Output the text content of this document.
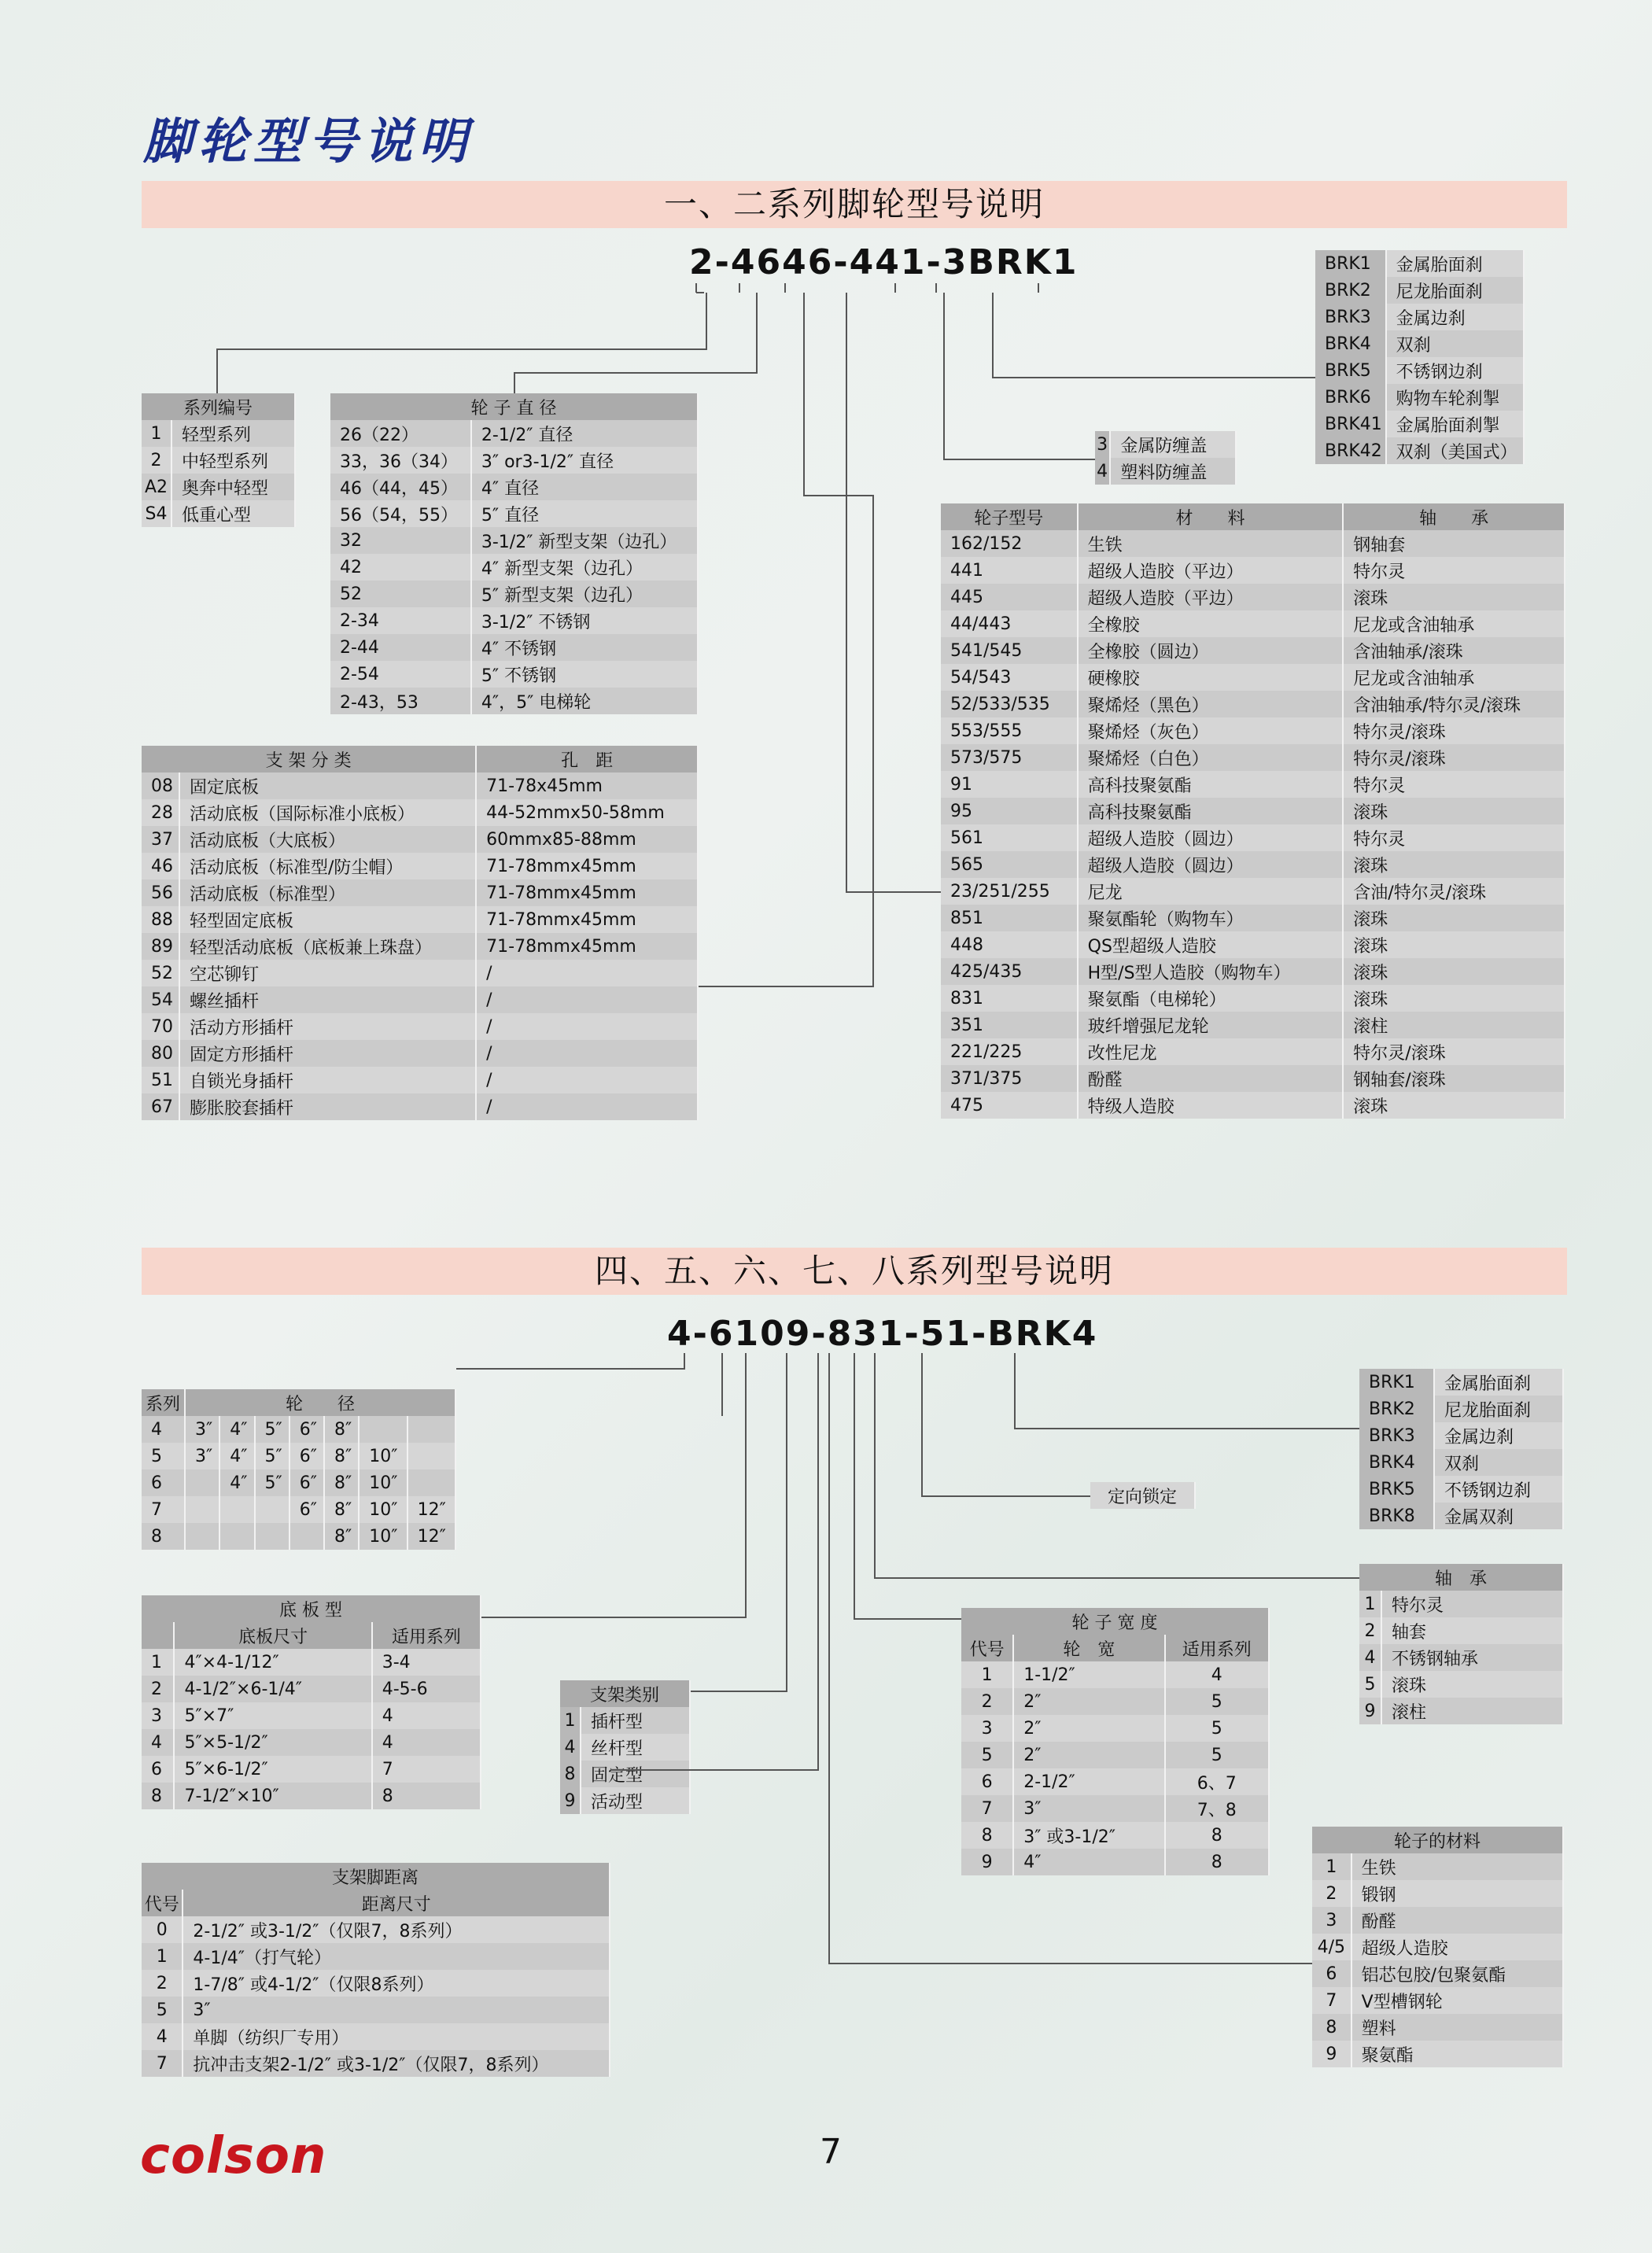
脚轮型号说明
一、二系列脚轮型号说明
2-4646-441-3BRK1
系列编号	
1	轻型系列
2	中轻型系列
A2	奥奔中轻型
S4	低重心型
轮 子 直 径	
26（22）	2-1/2″ 直径
33，36（34）	3″ or3-1/2″ 直径
46（44，45）	4″ 直径
56（54，55）	5″ 直径
32	3-1/2″ 新型支架（边孔）
42	4″ 新型支架（边孔）
52	5″ 新型支架（边孔）
2-34	3-1/2″ 不锈钢
2-44	4″ 不锈钢
2-54	5″ 不锈钢
2-43，53	4″，5″ 电梯轮
支 架 分 类		孔　距
08	固定底板	71-78x45mm
28	活动底板（国际标准小底板）	44-52mmx50-58mm
37	活动底板（大底板）	60mmx85-88mm
46	活动底板（标准型/防尘帽）	71-78mmx45mm
56	活动底板（标准型）	71-78mmx45mm
88	轻型固定底板	71-78mmx45mm
89	轻型活动底板（底板兼上珠盘）	71-78mmx45mm
52	空芯铆钉	/
54	螺丝插杆	/
70	活动方形插杆	/
80	固定方形插杆	/
51	自锁光身插杆	/
67	膨胀胶套插杆	/
3	金属防缠盖
4	塑料防缠盖
BRK1	金属胎面刹
BRK2	尼龙胎面刹
BRK3	金属边刹
BRK4	双刹
BRK5	不锈钢边刹
BRK6	购物车轮刹掣
BRK41	金属胎面刹掣
BRK42	双刹（美国式）
轮子型号	材　　料	轴　　承
162/152	生铁	钢轴套
441	超级人造胶（平边）	特尔灵
445	超级人造胶（平边）	滚珠
44/443	全橡胶	尼龙或含油轴承
541/545	全橡胶（圆边）	含油轴承/滚珠
54/543	硬橡胶	尼龙或含油轴承
52/533/535	聚烯烃（黑色）	含油轴承/特尔灵/滚珠
553/555	聚烯烃（灰色）	特尔灵/滚珠
573/575	聚烯烃（白色）	特尔灵/滚珠
91	高科技聚氨酯	特尔灵
95	高科技聚氨酯	滚珠
561	超级人造胶（圆边）	特尔灵
565	超级人造胶（圆边）	滚珠
23/251/255	尼龙	含油/特尔灵/滚珠
851	聚氨酯轮（购物车）	滚珠
448	QS型超级人造胶	滚珠
425/435	H型/S型人造胶（购物车）	滚珠
831	聚氨酯（电梯轮）	滚珠
351	玻纤增强尼龙轮	滚柱
221/225	改性尼龙	特尔灵/滚珠
371/375	酚醛	钢轴套/滚珠
475	特级人造胶	滚珠
四、五、六、七、八系列型号说明
4-6109-831-51-BRK4
系列	轮　　径						
4	3″	4″	5″	6″	8″		
5	3″	4″	5″	6″	8″	10″	
6		4″	5″	6″	8″	10″	
7				6″	8″	10″	12″
8					8″	10″	12″
底 板 型		
	底板尺寸	适用系列
1	4″×4-1/12″	3-4
2	4-1/2″×6-1/4″	4-5-6
3	5″×7″	4
4	5″×5-1/2″	4
6	5″×6-1/2″	7
8	7-1/2″×10″	8
支架类别	
1	插杆型
4	丝杆型
8	固定型
9	活动型
支架脚距离	
代号	距离尺寸
0	2-1/2″ 或3-1/2″（仅限7，8系列）
1	4-1/4″（打气轮）
2	1-7/8″ 或4-1/2″（仅限8系列）
5	3″
4	单脚（纺织厂专用）
7	抗冲击支架2-1/2″ 或3-1/2″（仅限7，8系列）
轮 子 宽 度		
代号	轮　宽	适用系列
1	1-1/2″	4
2	2″	5
3	2″	5
5	2″	5
6	2-1/2″	6、7
7	3″	7、8
8	3″ 或3-1/2″	8
9	4″	8
定向锁定
BRK1	金属胎面刹
BRK2	尼龙胎面刹
BRK3	金属边刹
BRK4	双刹
BRK5	不锈钢边刹
BRK8	金属双刹
轴　承	
1	特尔灵
2	轴套
4	不锈钢轴承
5	滚珠
9	滚柱
轮子的材料	
1	生铁
2	锻钢
3	酚醛
4/5	超级人造胶
6	铝芯包胶/包聚氨酯
7	V型槽钢轮
8	塑料
9	聚氨酯
colson	7
